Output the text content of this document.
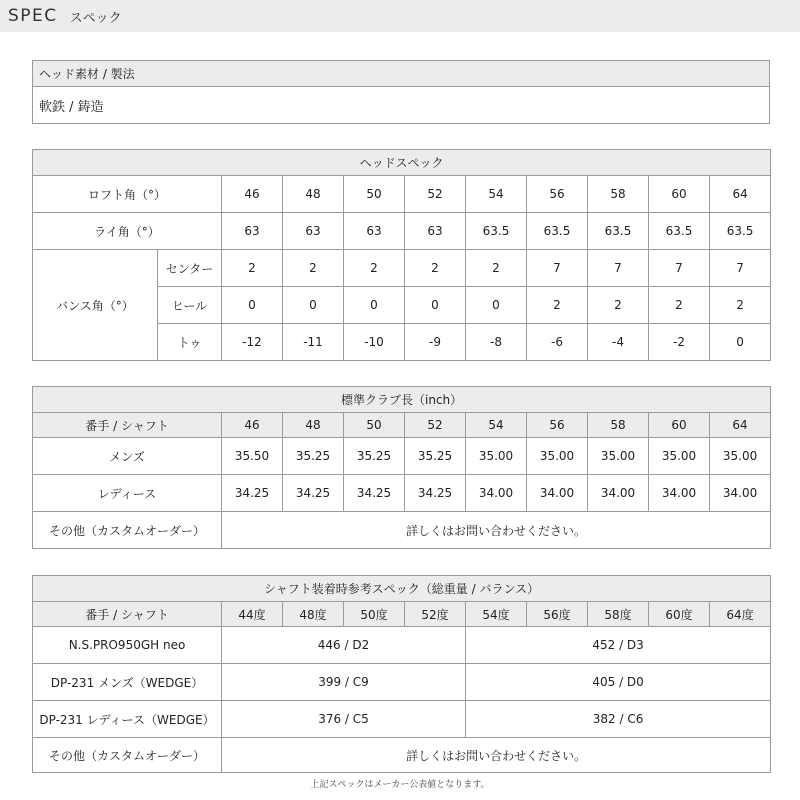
SPEC スペック
ヘッド素材 / 製法
軟鉄 / 鋳造
ヘッドスペック										
ロフト角（°）		46	48	50	52	54	56	58	60	64
ライ角（°）		63	63	63	63	63.5	63.5	63.5	63.5	63.5
バンス角（°）	センター	2	2	2	2	2	7	7	7	7
	ヒール	0	0	0	0	0	2	2	2	2
	トゥ	-12	-11	-10	-9	-8	-6	-4	-2	0
標準クラブ長（inch）									
番手 / シャフト	46	48	50	52	54	56	58	60	64
メンズ	35.50	35.25	35.25	35.25	35.00	35.00	35.00	35.00	35.00
レディース	34.25	34.25	34.25	34.25	34.00	34.00	34.00	34.00	34.00
その他（カスタムオーダー）	詳しくはお問い合わせください。								
シャフト装着時参考スペック（総重量 / バランス）									
番手 / シャフト	44度	48度	50度	52度	54度	56度	58度	60度	64度
N.S.PRO950GH neo	446 / D2				452 / D3				
DP-231 メンズ（WEDGE）	399 / C9				405 / D0				
DP-231 レディース（WEDGE）	376 / C5				382 / C6				
その他（カスタムオーダー）	詳しくはお問い合わせください。								
上記スペックはメーカー公表値となります。
